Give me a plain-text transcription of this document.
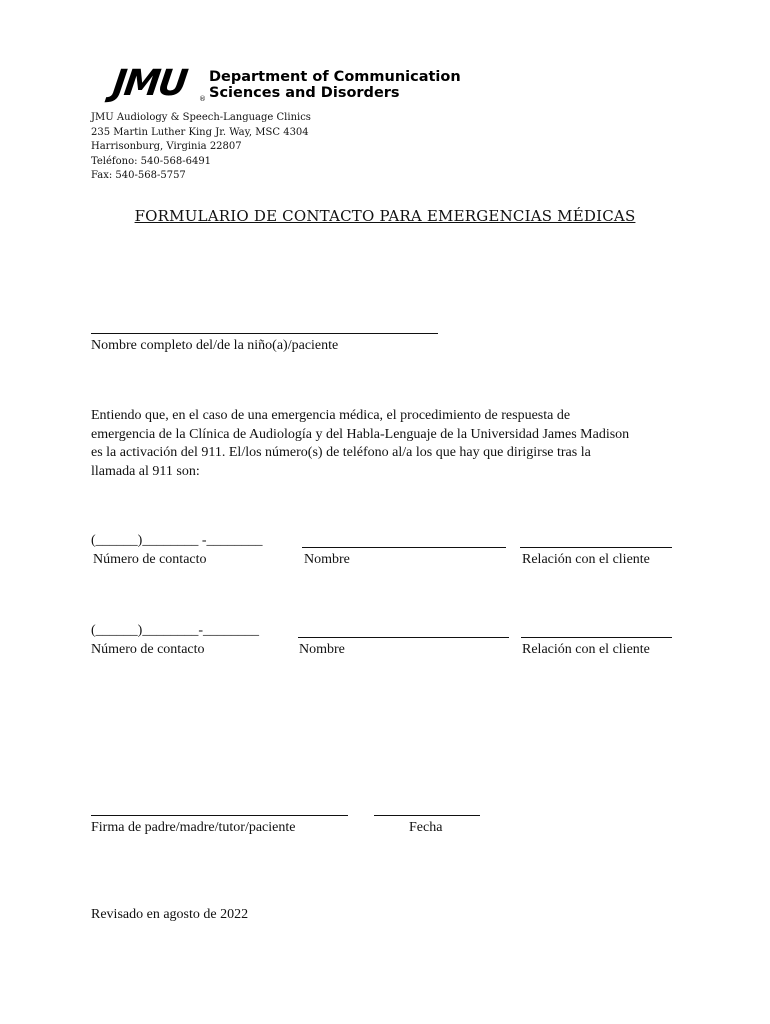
JMU ®
Department of Communication
Sciences and Disorders
JMU Audiology & Speech-Language Clinics
235 Martin Luther King Jr. Way, MSC 4304
Harrisonburg, Virginia 22807
Teléfono: 540-568-6491
Fax: 540-568-5757
FORMULARIO DE CONTACTO PARA EMERGENCIAS MÉDICAS
Nombre completo del/de la niño(a)/paciente
Entiendo que, en el caso de una emergencia médica, el procedimiento de respuesta de
emergencia de la Clínica de Audiología y del Habla-Lenguaje de la Universidad James Madison
es la activación del 911. El/los número(s) de teléfono al/a los que hay que dirigirse tras la
llamada al 911 son:
(______)________ -________
Número de contacto	Nombre	Relación con el cliente
(______)________-________
Número de contacto	Nombre	Relación con el cliente
Firma de padre/madre/tutor/paciente	Fecha
Revisado en agosto de 2022
